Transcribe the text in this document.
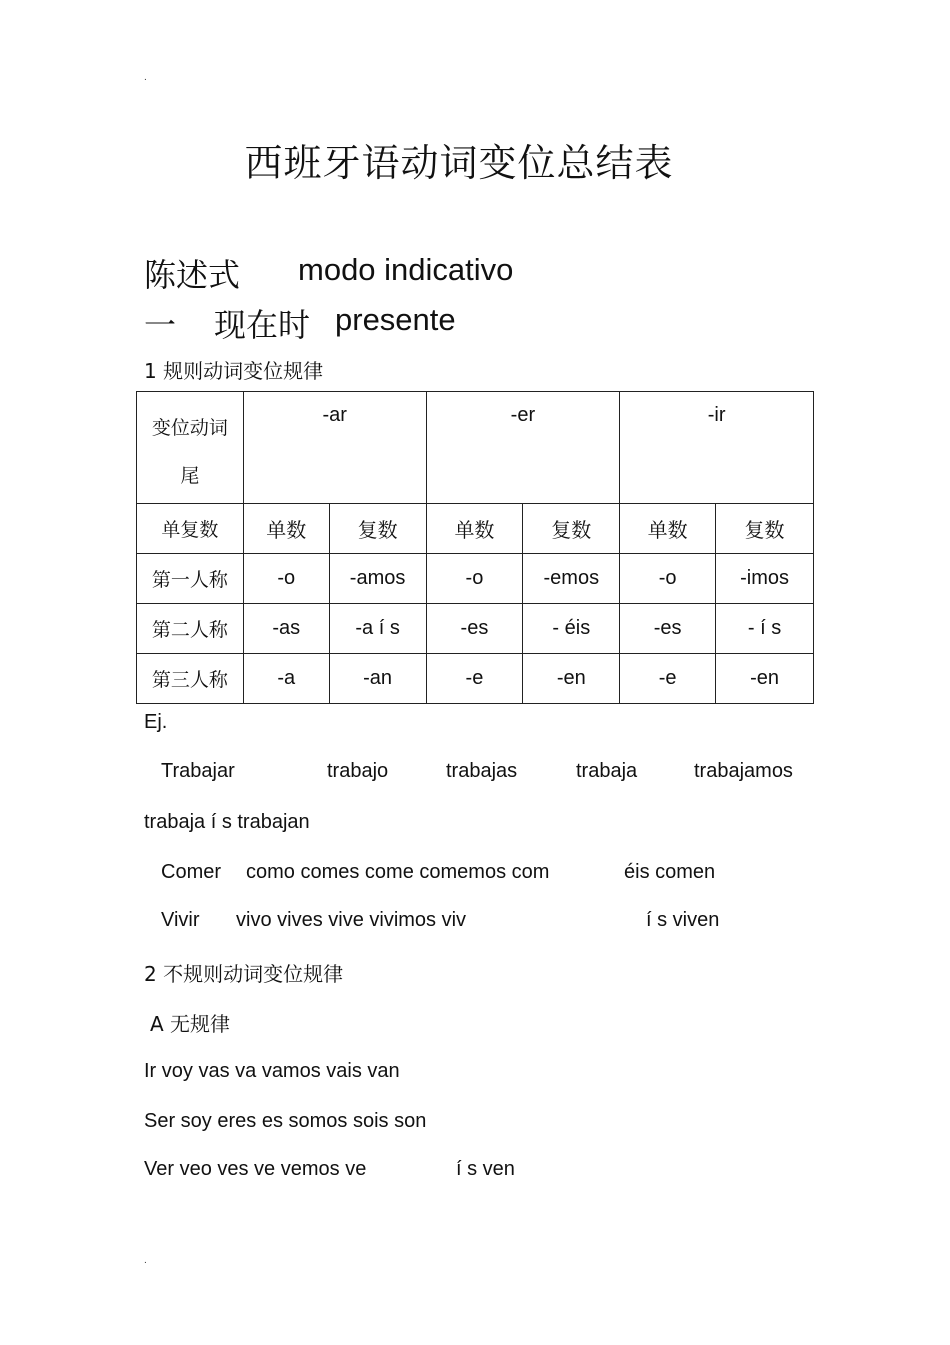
.
西班牙语动词变位总结表
陈述式 modo indicativo
一 现在时 presente
1 规则动词变位规律
变位动词
尾	-ar		-er		-ir	
单复数	单数	复数	单数	复数	单数	复数
第一人称	-o	-amos	-o	-emos	-o	-imos
第二人称	-as	-a í s	-es	- éis	-es	- í s
第三人称	-a	-an	-e	-en	-e	-en
Ej.
Trabajar	trabajo	trabajas	trabaja	trabajamos
trabaja í s trabajan
Comer como comes come comemos com	éis comen
Vivir vivo vives vive vivimos viv	í s viven
2 不规则动词变位规律
A 无规律
Ir voy vas va vamos vais van
Ser soy eres es somos sois son
Ver veo ves ve vemos ve	í s ven
.
